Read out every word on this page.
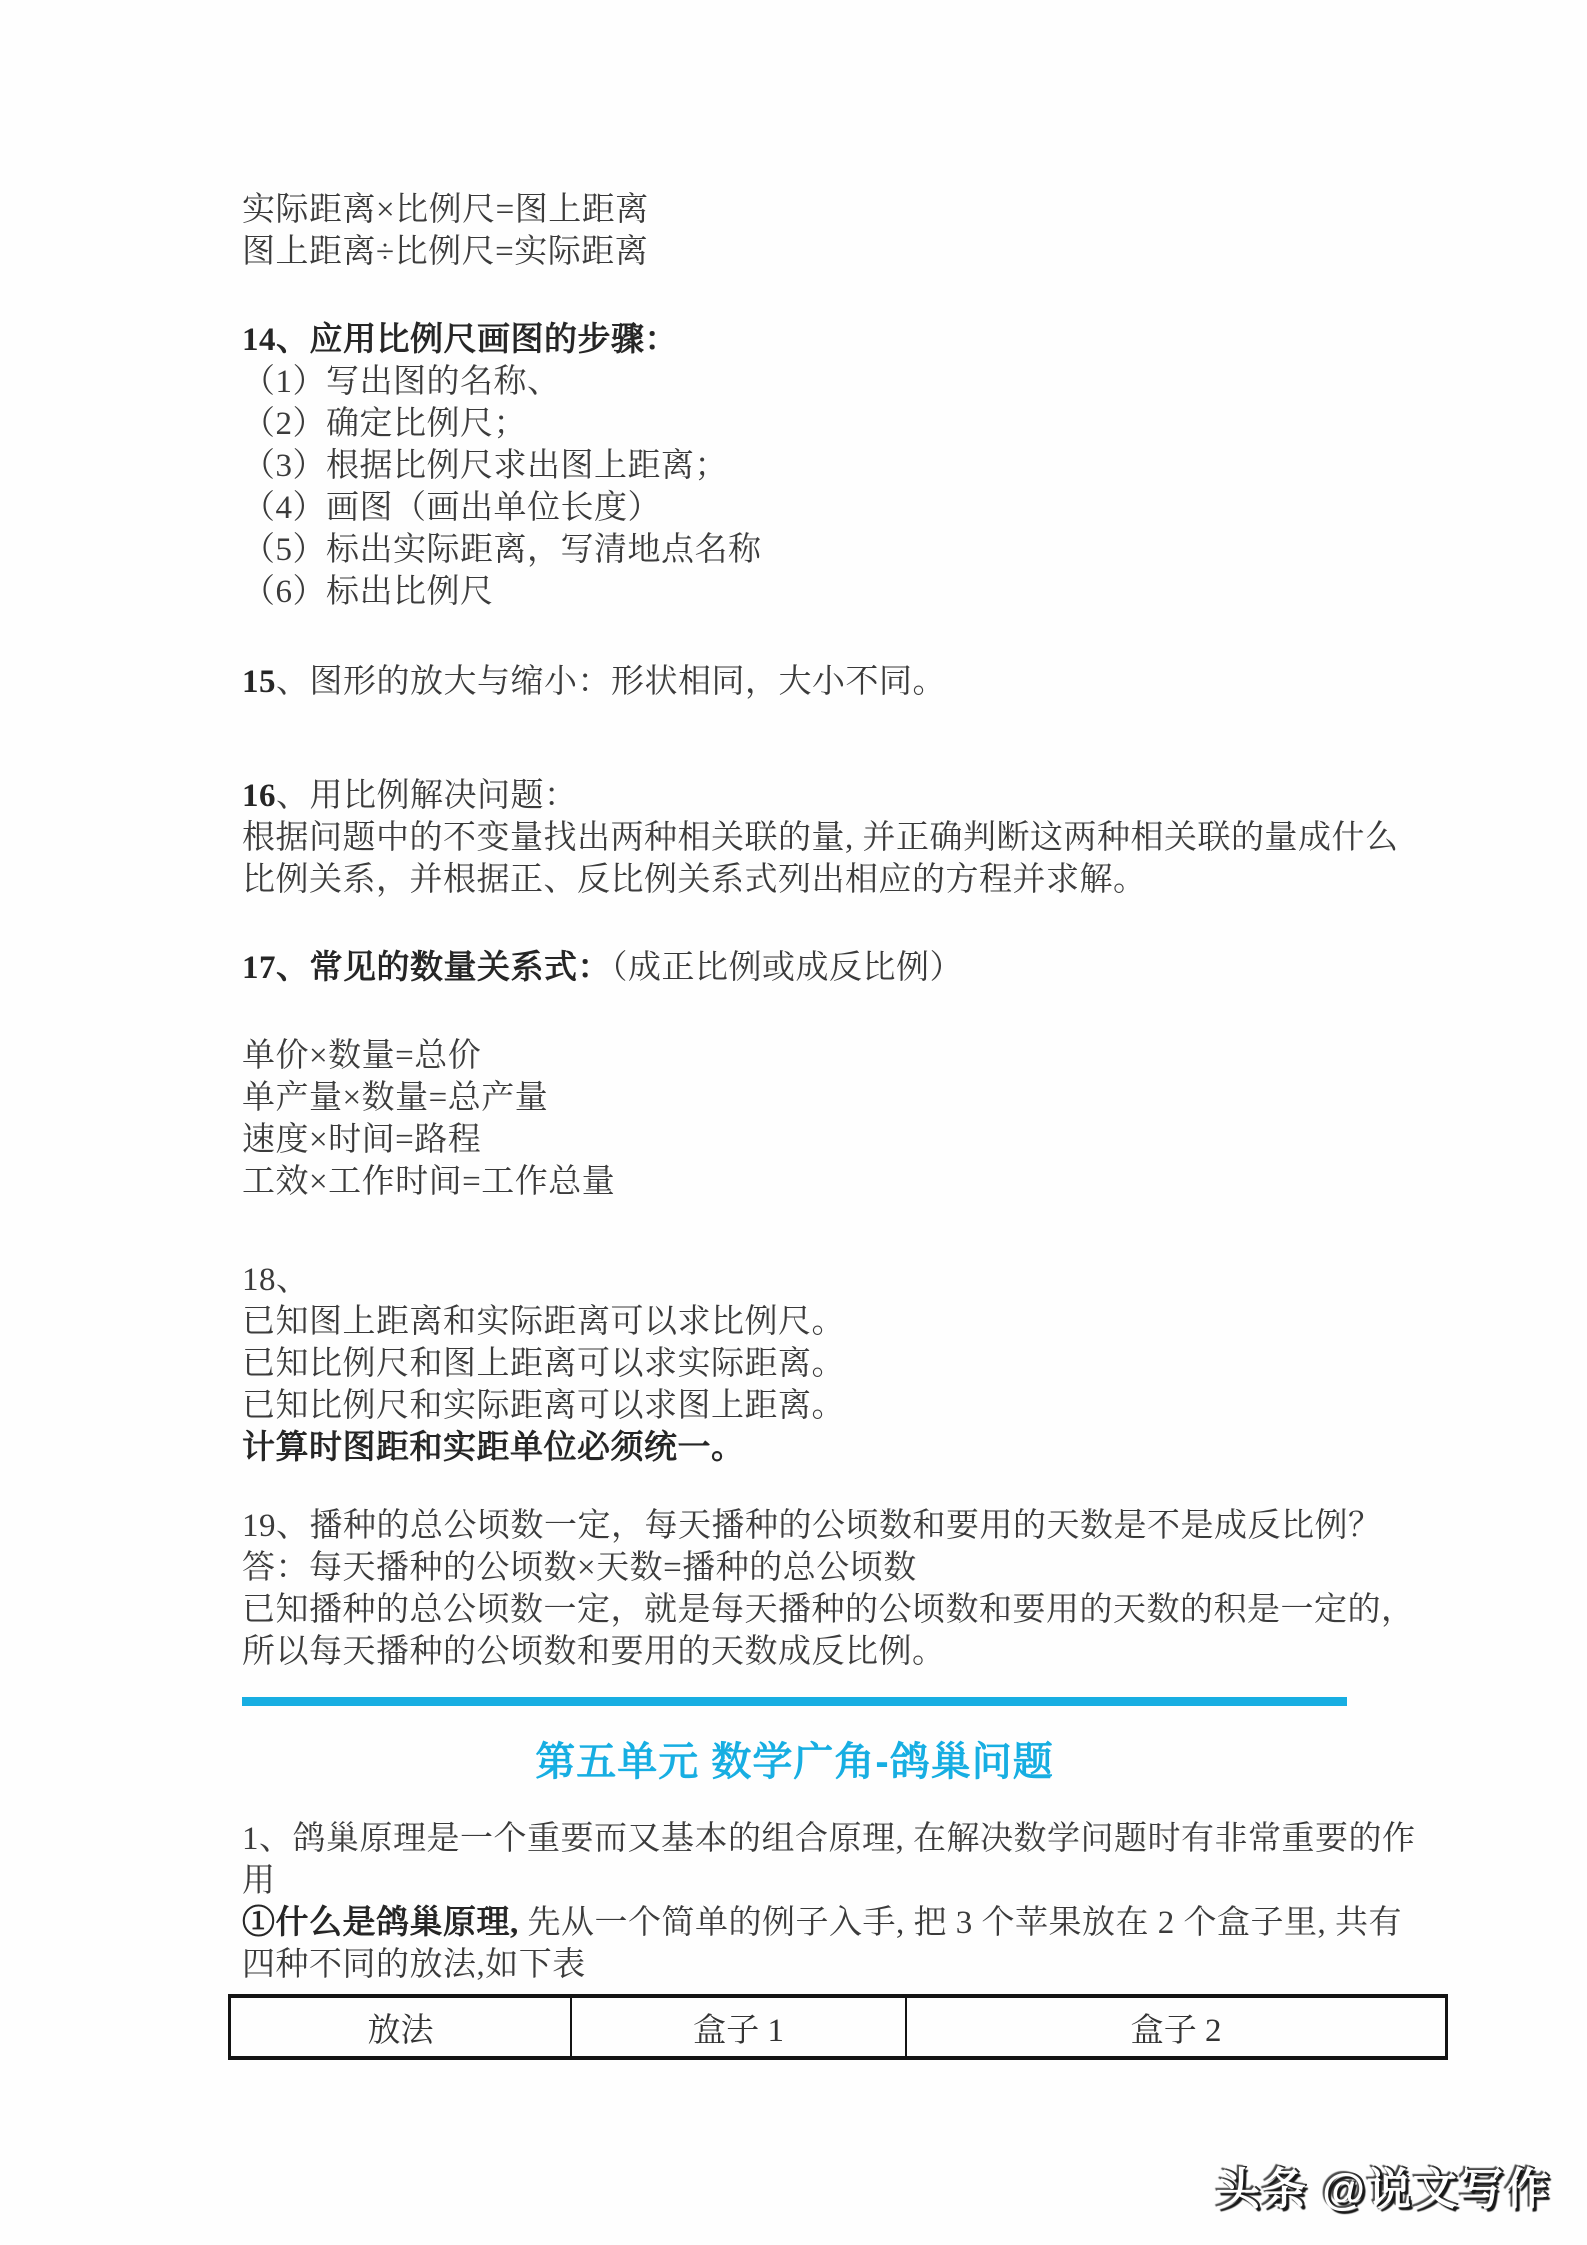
实际距离×比例尺=图上距离
图上距离÷比例尺=实际距离
14、应用比例尺画图的步骤：
（1）写出图的名称、
（2）确定比例尺；
（3）根据比例尺求出图上距离；
（4）画图（画出单位长度）
（5）标出实际距离，写清地点名称
（6）标出比例尺
15、图形的放大与缩小：形状相同，大小不同。
16、用比例解决问题：
根据问题中的不变量找出两种相关联的量, 并正确判断这两种相关联的量成什么
比例关系，并根据正、反比例关系式列出相应的方程并求解。
17、常见的数量关系式：（成正比例或成反比例）
单价×数量=总价
单产量×数量=总产量
速度×时间=路程
工效×工作时间=工作总量
18、
已知图上距离和实际距离可以求比例尺。
已知比例尺和图上距离可以求实际距离。
已知比例尺和实际距离可以求图上距离。
计算时图距和实距单位必须统一。
19、播种的总公顷数一定，每天播种的公顷数和要用的天数是不是成反比例？
答：每天播种的公顷数×天数=播种的总公顷数
已知播种的总公顷数一定，就是每天播种的公顷数和要用的天数的积是一定的，
所以每天播种的公顷数和要用的天数成反比例。
第五单元 数学广角-鸽巢问题
1、鸽巢原理是一个重要而又基本的组合原理, 在解决数学问题时有非常重要的作
用
①什么是鸽巢原理, 先从一个简单的例子入手, 把 3 个苹果放在 2 个盒子里, 共有
四种不同的放法,如下表
放法	盒子 1	盒子 2
头条 @说文写作
